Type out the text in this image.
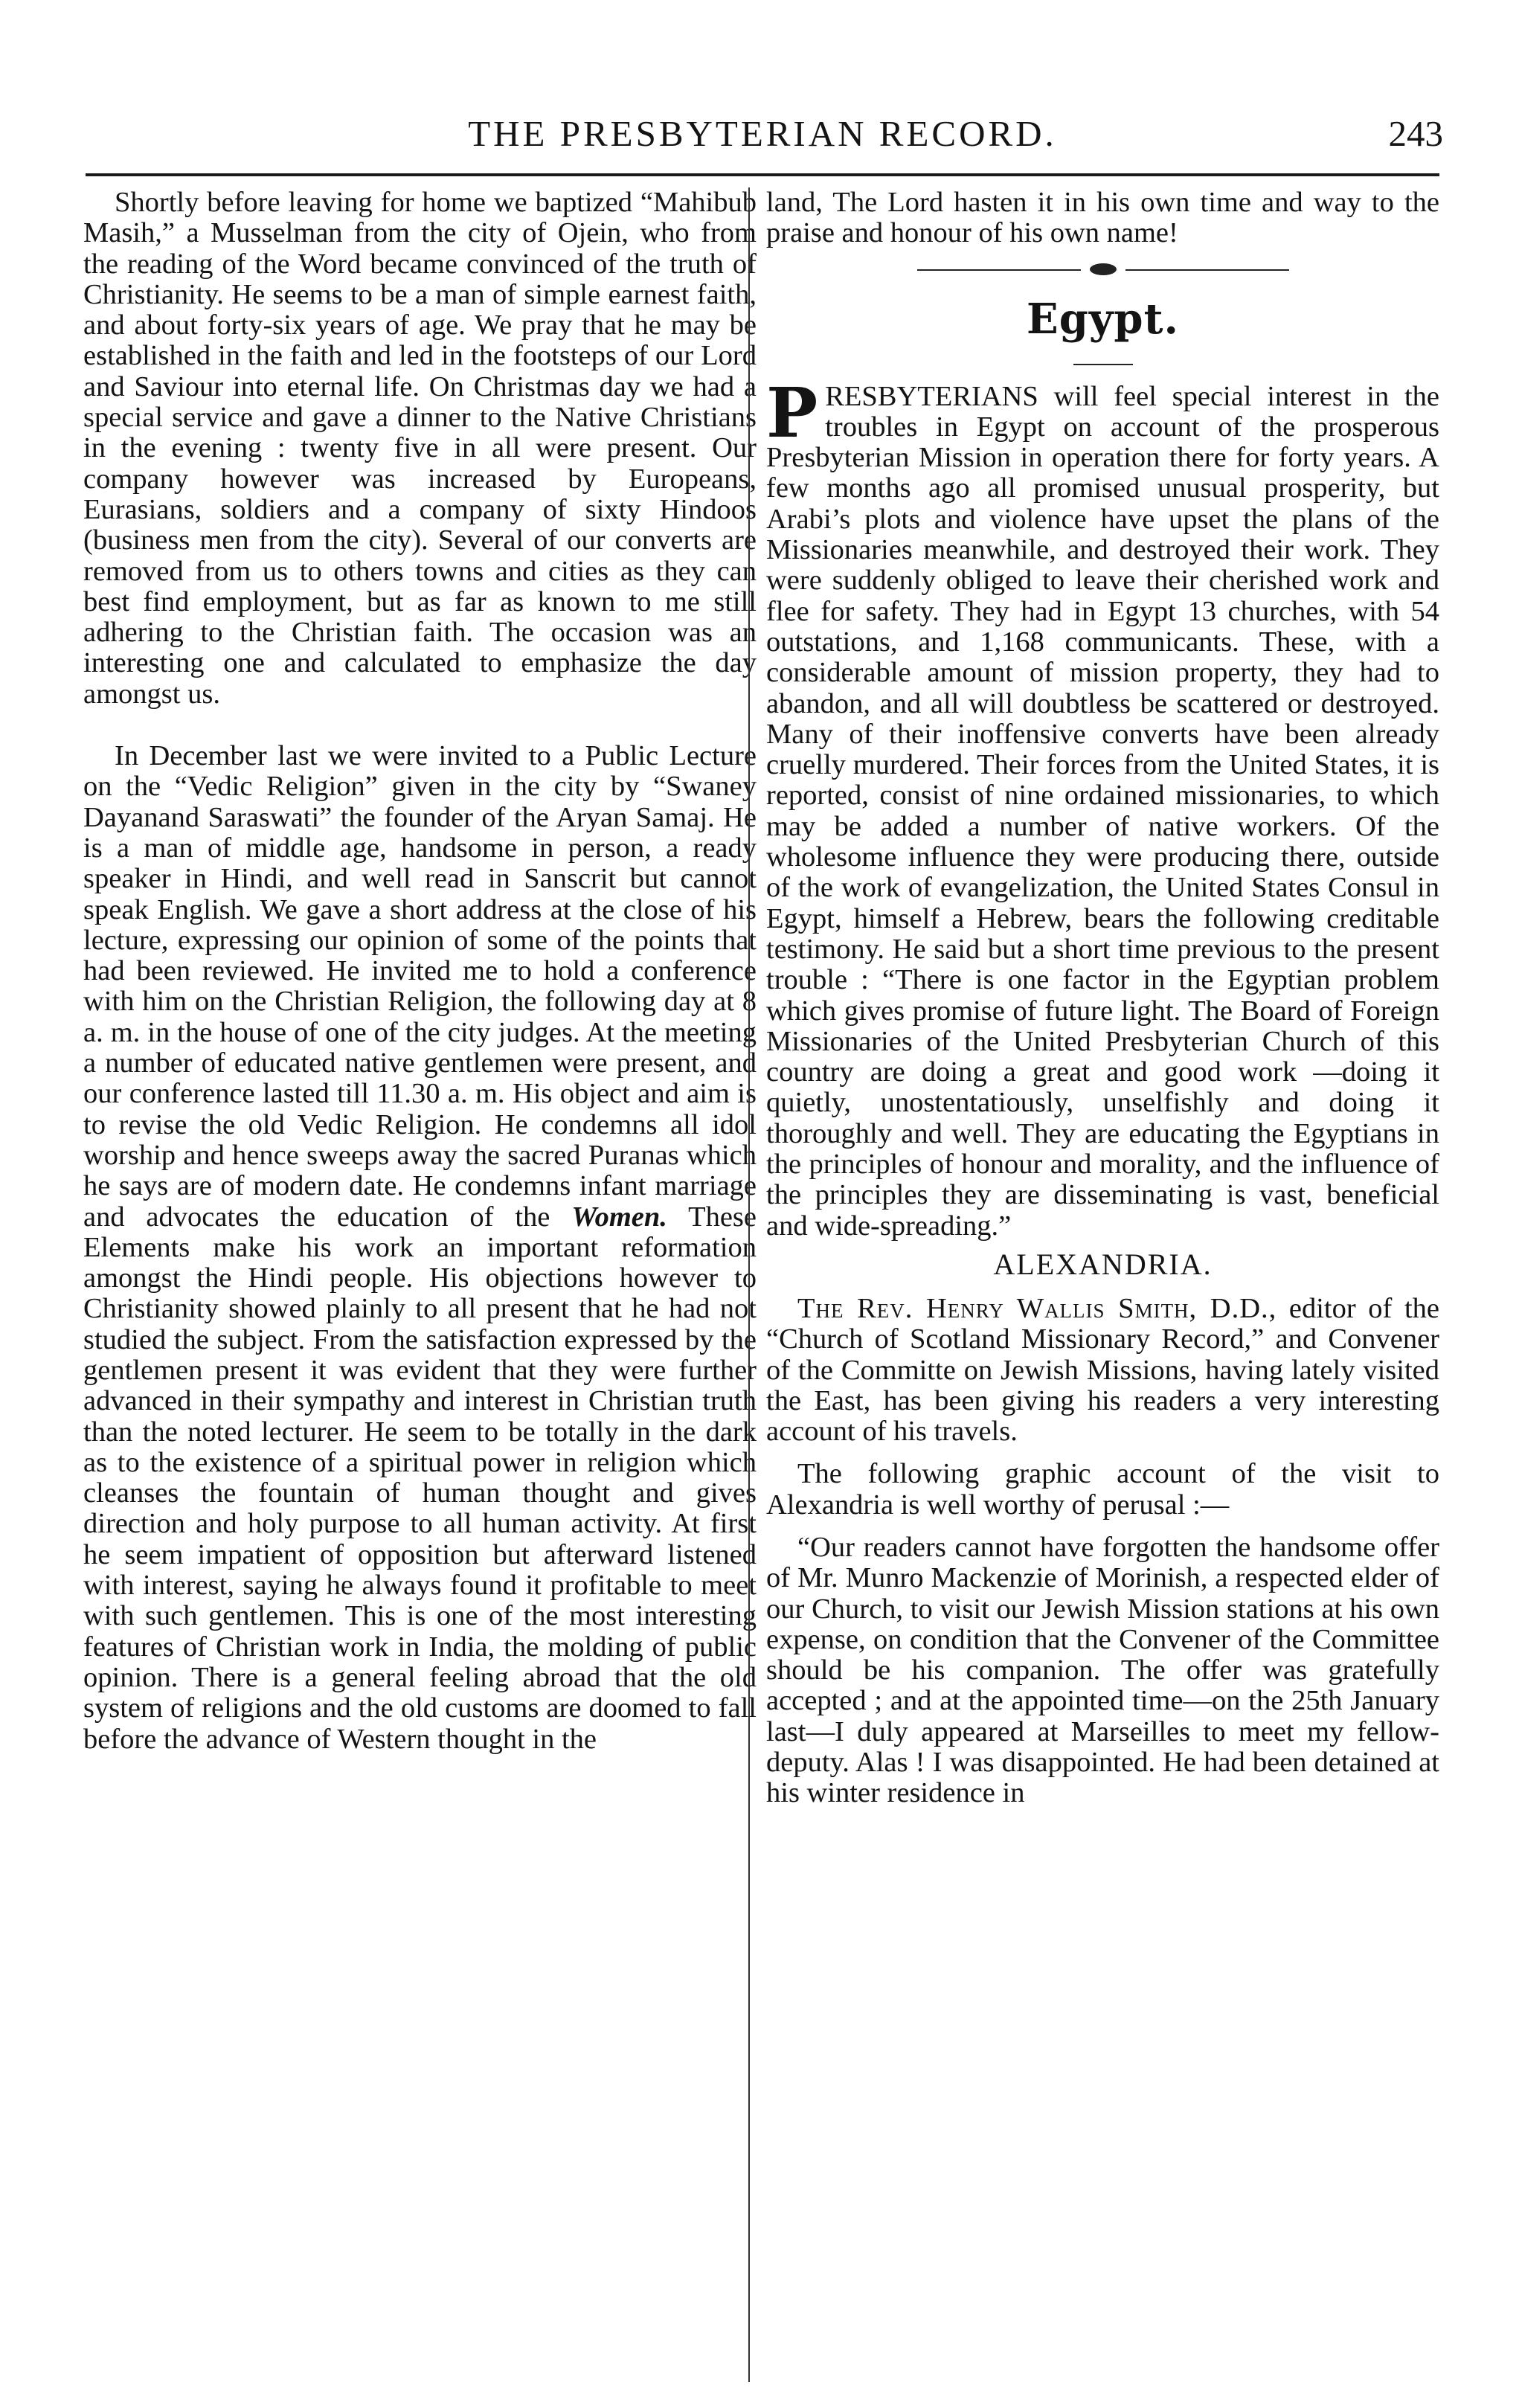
THE PRESBYTERIAN RECORD.	243

Shortly before leaving for home we baptized “Mahibub Masih,” a Musselman from the city of Ojein, who from the reading of the Word became convinced of the truth of Christianity. He seems to be a man of simple earnest faith, and about forty-six years of age. We pray that he may be established in the faith and led in the footsteps of our Lord and Saviour into eternal life. On Christmas day we had a special service and gave a dinner to the Native Christians in the evening : twenty five in all were present. Our company however was increased by Europeans, Eurasians, soldiers and a company of sixty Hindoos (business men from the city). Several of our converts are removed from us to others towns and cities as they can best find employment, but as far as known to me still adhering to the Christian faith. The occasion was an interesting one and calculated to emphasize the day amongst us.

In December last we were invited to a Public Lecture on the “Vedic Religion” given in the city by “Swaney Dayanand Saraswati” the founder of the Aryan Samaj. He is a man of middle age, handsome in person, a ready speaker in Hindi, and well read in Sanscrit but cannot speak English. We gave a short address at the close of his lecture, expressing our opinion of some of the points that had been reviewed. He invited me to hold a conference with him on the Christian Religion, the following day at 8 a. m. in the house of one of the city judges. At the meeting a number of educated native gentlemen were present, and our conference lasted till 11.30 a. m. His object and aim is to revise the old Vedic Religion. He condemns all idol worship and hence sweeps away the sacred Puranas which he says are of modern date. He condemns infant marriage and advocates the education of the Women. These Elements make his work an important reformation amongst the Hindi people. His objections however to Christianity showed plainly to all present that he had not studied the subject. From the satisfaction expressed by the gentlemen present it was evident that they were further advanced in their sympathy and interest in Christian truth than the noted lecturer. He seem to be totally in the dark as to the existence of a spiritual power in religion which cleanses the fountain of human thought and gives direction and holy purpose to all human activity. At first he seem impatient of opposition but afterward listened with interest, saying he always found it profitable to meet with such gentlemen. This is one of the most interesting features of Christian work in India, the molding of public opinion. There is a general feeling abroad that the old system of religions and the old customs are doomed to fall before the advance of Western thought in the

land, The Lord hasten it in his own time and way to the praise and honour of his own name!

Egypt.

PRESBYTERIANS will feel special interest in the troubles in Egypt on account of the prosperous Presbyterian Mission in operation there for forty years. A few months ago all promised unusual prosperity, but Arabi’s plots and violence have upset the plans of the Missionaries meanwhile, and destroyed their work. They were suddenly obliged to leave their cherished work and flee for safety. They had in Egypt 13 churches, with 54 outstations, and 1,168 communicants. These, with a considerable amount of mission property, they had to abandon, and all will doubtless be scattered or destroyed. Many of their inoffensive converts have been already cruelly murdered. Their forces from the United States, it is reported, consist of nine ordained missionaries, to which may be added a number of native workers. Of the wholesome influence they were producing there, outside of the work of evangelization, the United States Consul in Egypt, himself a Hebrew, bears the following creditable testimony. He said but a short time previous to the present trouble : “There is one factor in the Egyptian problem which gives promise of future light. The Board of Foreign Missionaries of the United Presbyterian Church of this country are doing a great and good work —doing it quietly, unostentatiously, unselfishly and doing it thoroughly and well. They are educating the Egyptians in the principles of honour and morality, and the influence of the principles they are disseminating is vast, beneficial and wide-spreading.”

ALEXANDRIA.

The Rev. Henry Wallis Smith, D.D., editor of the “Church of Scotland Missionary Record,” and Convener of the Committe on Jewish Missions, having lately visited the East, has been giving his readers a very interesting account of his travels.

The following graphic account of the visit to Alexandria is well worthy of perusal :—

“Our readers cannot have forgotten the handsome offer of Mr. Munro Mackenzie of Morinish, a respected elder of our Church, to visit our Jewish Mission stations at his own expense, on condition that the Convener of the Committee should be his companion. The offer was gratefully accepted ; and at the appointed time—on the 25th January last—I duly appeared at Marseilles to meet my fellow-deputy. Alas ! I was disappointed. He had been detained at his winter residence in
